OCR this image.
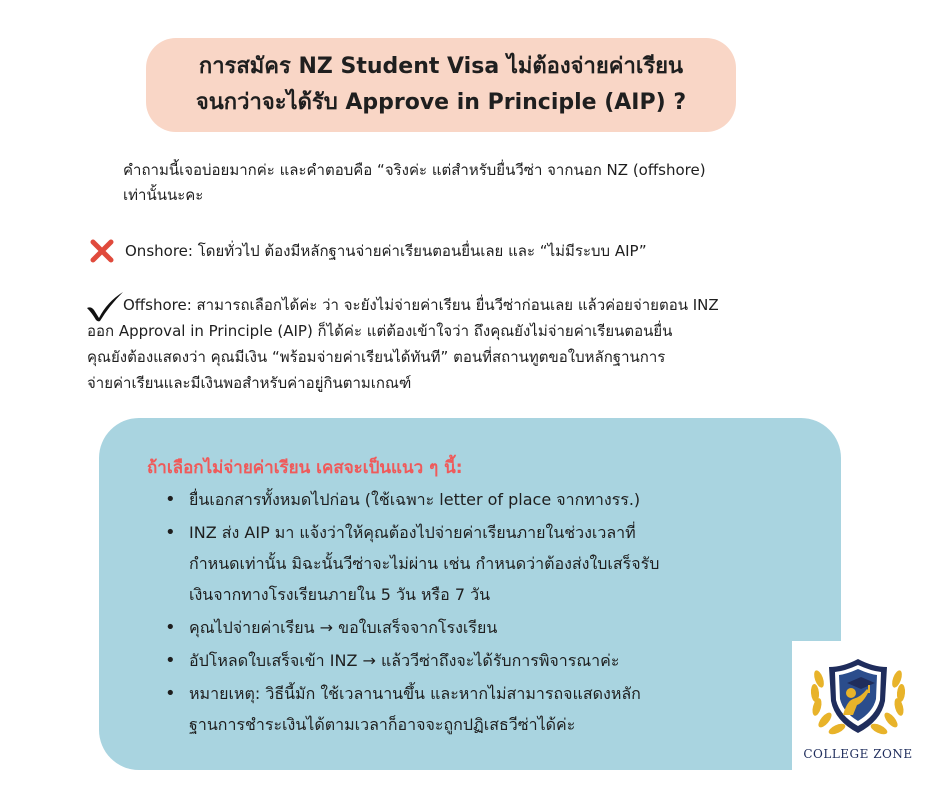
การสมัคร NZ Student Visa ไม่ต้องจ่ายค่าเรียน
จนกว่าจะได้รับ Approve in Principle (AIP) ?
คำถามนี้เจอบ่อยมากค่ะ และคำตอบคือ “จริงค่ะ แต่สำหรับยื่นวีซ่า จากนอก NZ (offshore)
เท่านั้นนะคะ
Onshore: โดยทั่วไป ต้องมีหลักฐานจ่ายค่าเรียนตอนยื่นเลย และ “ไม่มีระบบ AIP”
Offshore: สามารถเลือกได้ค่ะ ว่า จะยังไม่จ่ายค่าเรียน ยื่นวีซ่าก่อนเลย แล้วค่อยจ่ายตอน INZ
ออก Approval in Principle (AIP) ก็ได้ค่ะ แต่ต้องเข้าใจว่า ถึงคุณยังไม่จ่ายค่าเรียนตอนยื่น
คุณยังต้องแสดงว่า คุณมีเงิน “พร้อมจ่ายค่าเรียนได้ทันที” ตอนที่สถานทูตขอใบหลักฐานการ
จ่ายค่าเรียนและมีเงินพอสำหรับค่าอยู่กินตามเกณฑ์
ถ้าเลือกไม่จ่ายค่าเรียน เคสจะเป็นแนว ๆ นี้:
• ยื่นเอกสารทั้งหมดไปก่อน (ใช้เฉพาะ letter of place จากทางรร.)
• INZ ส่ง AIP มา แจ้งว่าให้คุณต้องไปจ่ายค่าเรียนภายในช่วงเวลาที่
กำหนดเท่านั้น มิฉะนั้นวีซ่าจะไม่ผ่าน เช่น กำหนดว่าต้องส่งใบเสร็จรับ
เงินจากทางโรงเรียนภายใน 5 วัน หรือ 7 วัน
• คุณไปจ่ายค่าเรียน → ขอใบเสร็จจากโรงเรียน
• อัปโหลดใบเสร็จเข้า INZ → แล้ววีซ่าถึงจะได้รับการพิจารณาค่ะ
• หมายเหตุ: วิธีนี้มัก ใช้เวลานานขึ้น และหากไม่สามารถจแสดงหลัก
ฐานการชำระเงินได้ตามเวลาก็อาจจะถูกปฏิเสธวีซ่าได้ค่ะ
COLLEGE ZONE
